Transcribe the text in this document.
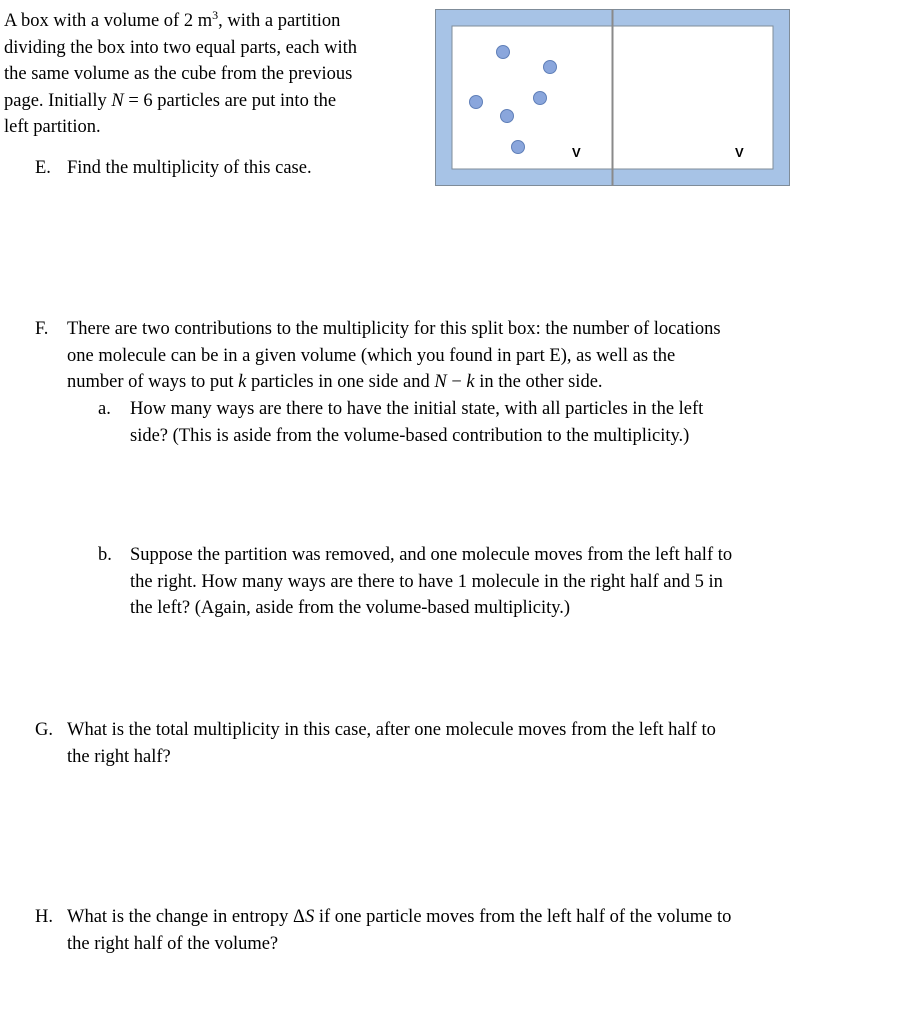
A box with a volume of 2 $m^3$, with a partition
dividing the box into two equal parts, each with
the same volume as the cube from the previous
page. Initially N = 6 particles are put into the
left partition.
V	V
E. Find the multiplicity of this case.
F. There are two contributions to the multiplicity for this split box: the number of locations
one molecule can be in a given volume (which you found in part E), as well as the
number of ways to put k particles in one side and N − k in the other side.
a. How many ways are there to have the initial state, with all particles in the left
side? (This is aside from the volume-based contribution to the multiplicity.)
b. Suppose the partition was removed, and one molecule moves from the left half to
the right. How many ways are there to have 1 molecule in the right half and 5 in
the left? (Again, aside from the volume-based multiplicity.)
G. What is the total multiplicity in this case, after one molecule moves from the left half to
the right half?
H. What is the change in entropy ΔS if one particle moves from the left half of the volume to
the right half of the volume?
